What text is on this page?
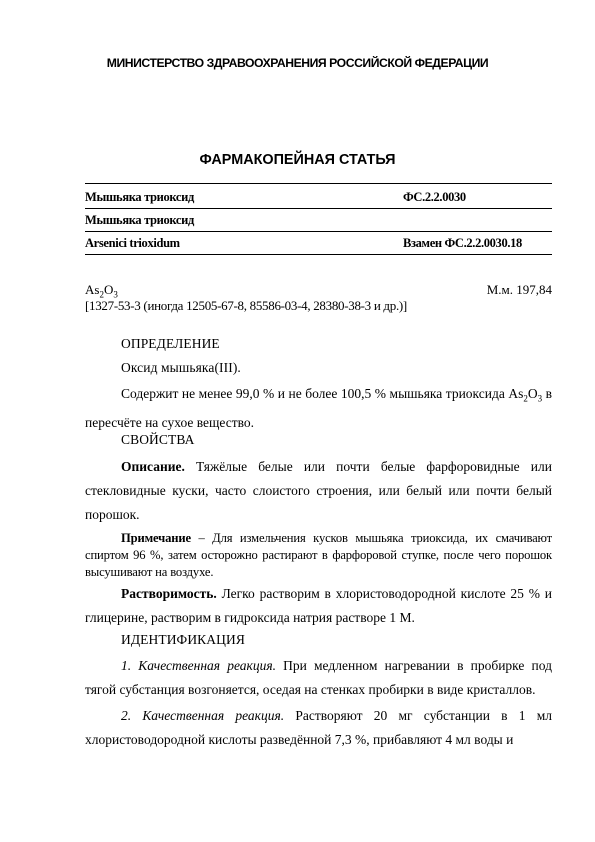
МИНИСТЕРСТВО ЗДРАВООХРАНЕНИЯ РОССИЙСКОЙ ФЕДЕРАЦИИ
ФАРМАКОПЕЙНАЯ СТАТЬЯ
Мышьяка триоксид	ФС.2.2.0030
Мышьяка триоксид
Arsenici trioxidum	Взамен ФС.2.2.0030.18
$As_2O_3$	М.м. 197,84
[1327-53-3 (иногда 12505-67-8, 85586-03-4, 28380-38-3 и др.)]
ОПРЕДЕЛЕНИЕ
Оксид мышьяка(III).
Содержит не менее 99,0 % и не более 100,5 % мышьяка триоксида $As_2O_3$ в пересчёте на сухое вещество.
СВОЙСТВА
Описание. Тяжёлые белые или почти белые фарфоровидные или стекловидные куски, часто слоистого строения, или белый или почти белый порошок.
Примечание – Для измельчения кусков мышьяка триоксида, их смачивают спиртом 96 %, затем осторожно растирают в фарфоровой ступке, после чего порошок высушивают на воздухе.
Растворимость. Легко растворим в хлористоводородной кислоте 25 % и глицерине, растворим в гидроксида натрия растворе 1 М.
ИДЕНТИФИКАЦИЯ
1. Качественная реакция. При медленном нагревании в пробирке под тягой субстанция возгоняется, оседая на стенках пробирки в виде кристаллов.
2. Качественная реакция. Растворяют 20 мг субстанции в 1 мл хлористоводородной кислоты разведённой 7,3 %, прибавляют 4 мл воды и
